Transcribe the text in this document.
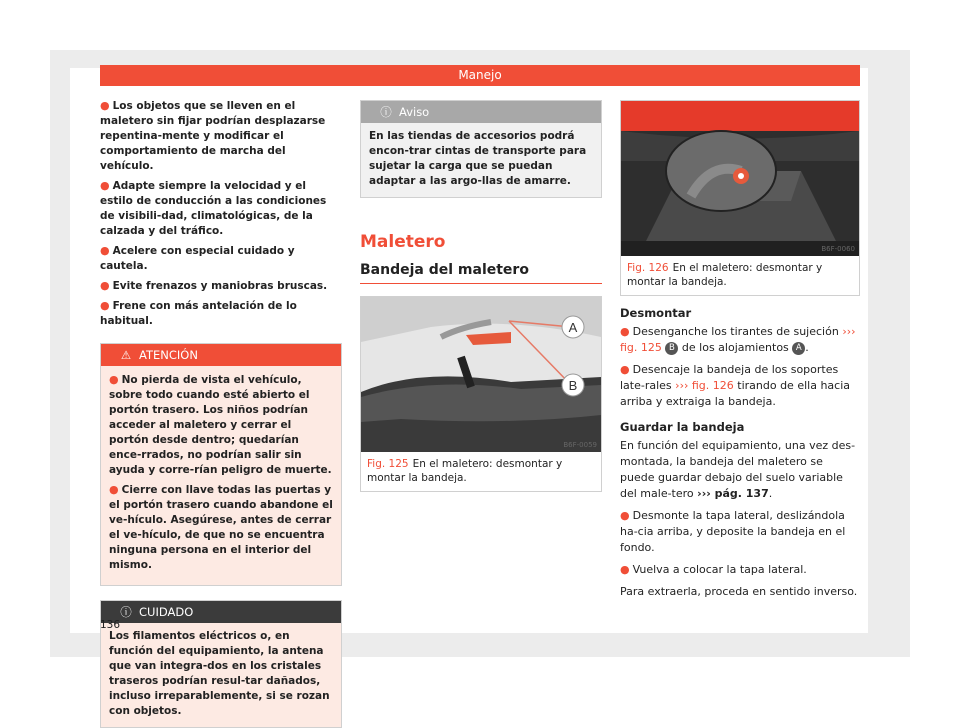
Manejo
● Los objetos que se lleven en el maletero sin fijar podrían desplazarse repentina-mente y modificar el comportamiento de marcha del vehículo.
● Adapte siempre la velocidad y el estilo de conducción a las condiciones de visibili-dad, climatológicas, de la calzada y del tráfico.
● Acelere con especial cuidado y cautela.
● Evite frenazos y maniobras bruscas.
● Frene con más antelación de lo habitual.
⚠ ATENCIÓN
● No pierda de vista el vehículo, sobre todo cuando esté abierto el portón trasero. Los niños podrían acceder al maletero y cerrar el portón desde dentro; quedarían ence-rrados, no podrían salir sin ayuda y corre-rían peligro de muerte.
● Cierre con llave todas las puertas y el portón trasero cuando abandone el ve-hículo. Asegúrese, antes de cerrar el ve-hículo, de que no se encuentra ninguna persona en el interior del mismo.
ⓘ CUIDADO

Los filamentos eléctricos o, en función del equipamiento, la antena que van integra-dos en los cristales traseros podrían resul-tar dañados, incluso irreparablemente, si se rozan con objetos.

ⓘ Aviso

En las tiendas de accesorios podrá encon-trar cintas de transporte para sujetar la carga que se puedan adaptar a las argo-llas de amarre.

Maletero
Bandeja del maletero
A
B
B6F-0059
Fig. 125 En el maletero: desmontar y montar la bandeja.
B6F-0060
Fig. 126 En el maletero: desmontar y montar la bandeja.
Desmontar
● Desenganche los tirantes de sujeción ››› fig. 125 B de los alojamientos A .
● Desencaje la bandeja de los soportes late-rales ››› fig. 126 tirando de ella hacia arriba y extraiga la bandeja.
Guardar la bandeja
En función del equipamiento, una vez des-montada, la bandeja del maletero se puede guardar debajo del suelo variable del male-tero ››› pág. 137.
● Desmonte la tapa lateral, deslizándola ha-cia arriba, y deposite la bandeja en el fondo.
● Vuelva a colocar la tapa lateral.
Para extraerla, proceda en sentido inverso.
136
